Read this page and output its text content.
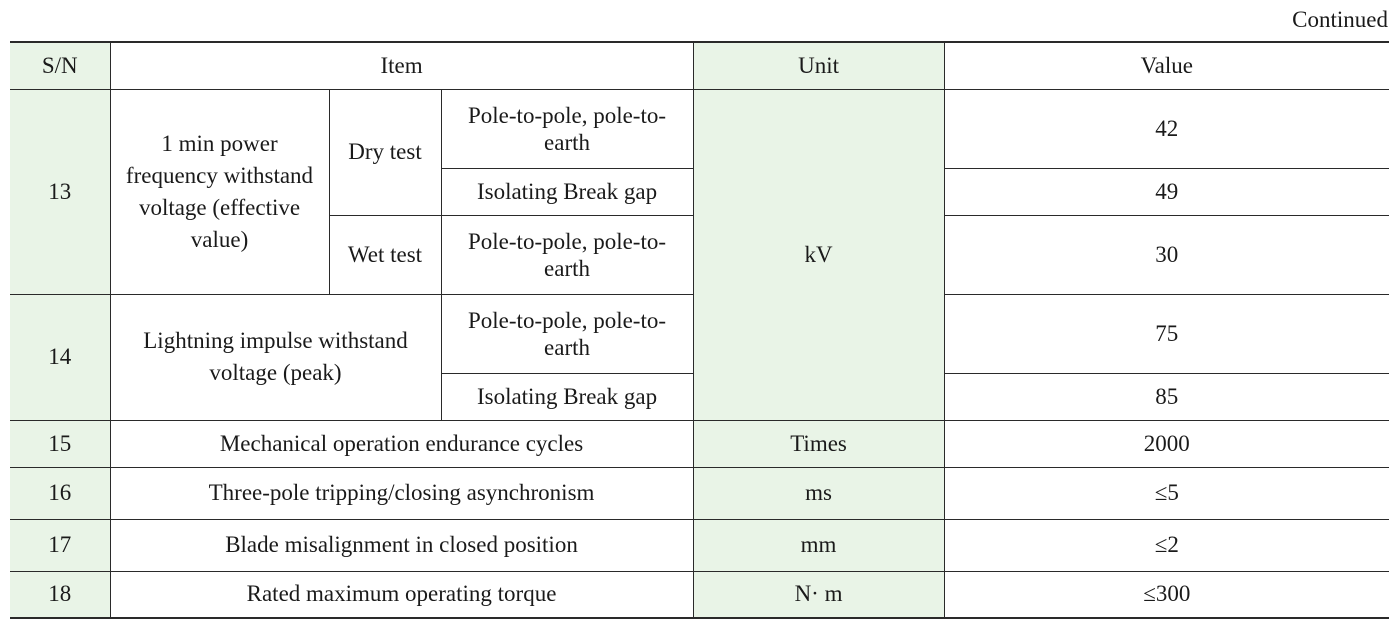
Continued
S/N	Item			Unit	Value
13	1 min power frequency withstand voltage (effective value)	Dry test	Pole-to-pole, pole-to-earth	kV	42
			Isolating Break gap		49
		Wet test	Pole-to-pole, pole-to-earth		30
14	Lightning impulse withstand voltage (peak)		Pole-to-pole, pole-to-earth		75
			Isolating Break gap		85
15	Mechanical operation endurance cycles			Times	2000
16	Three-pole tripping/closing asynchronism			ms	≤5
17	Blade misalignment in closed position			mm	≤2
18	Rated maximum operating torque			N· m	≤300
